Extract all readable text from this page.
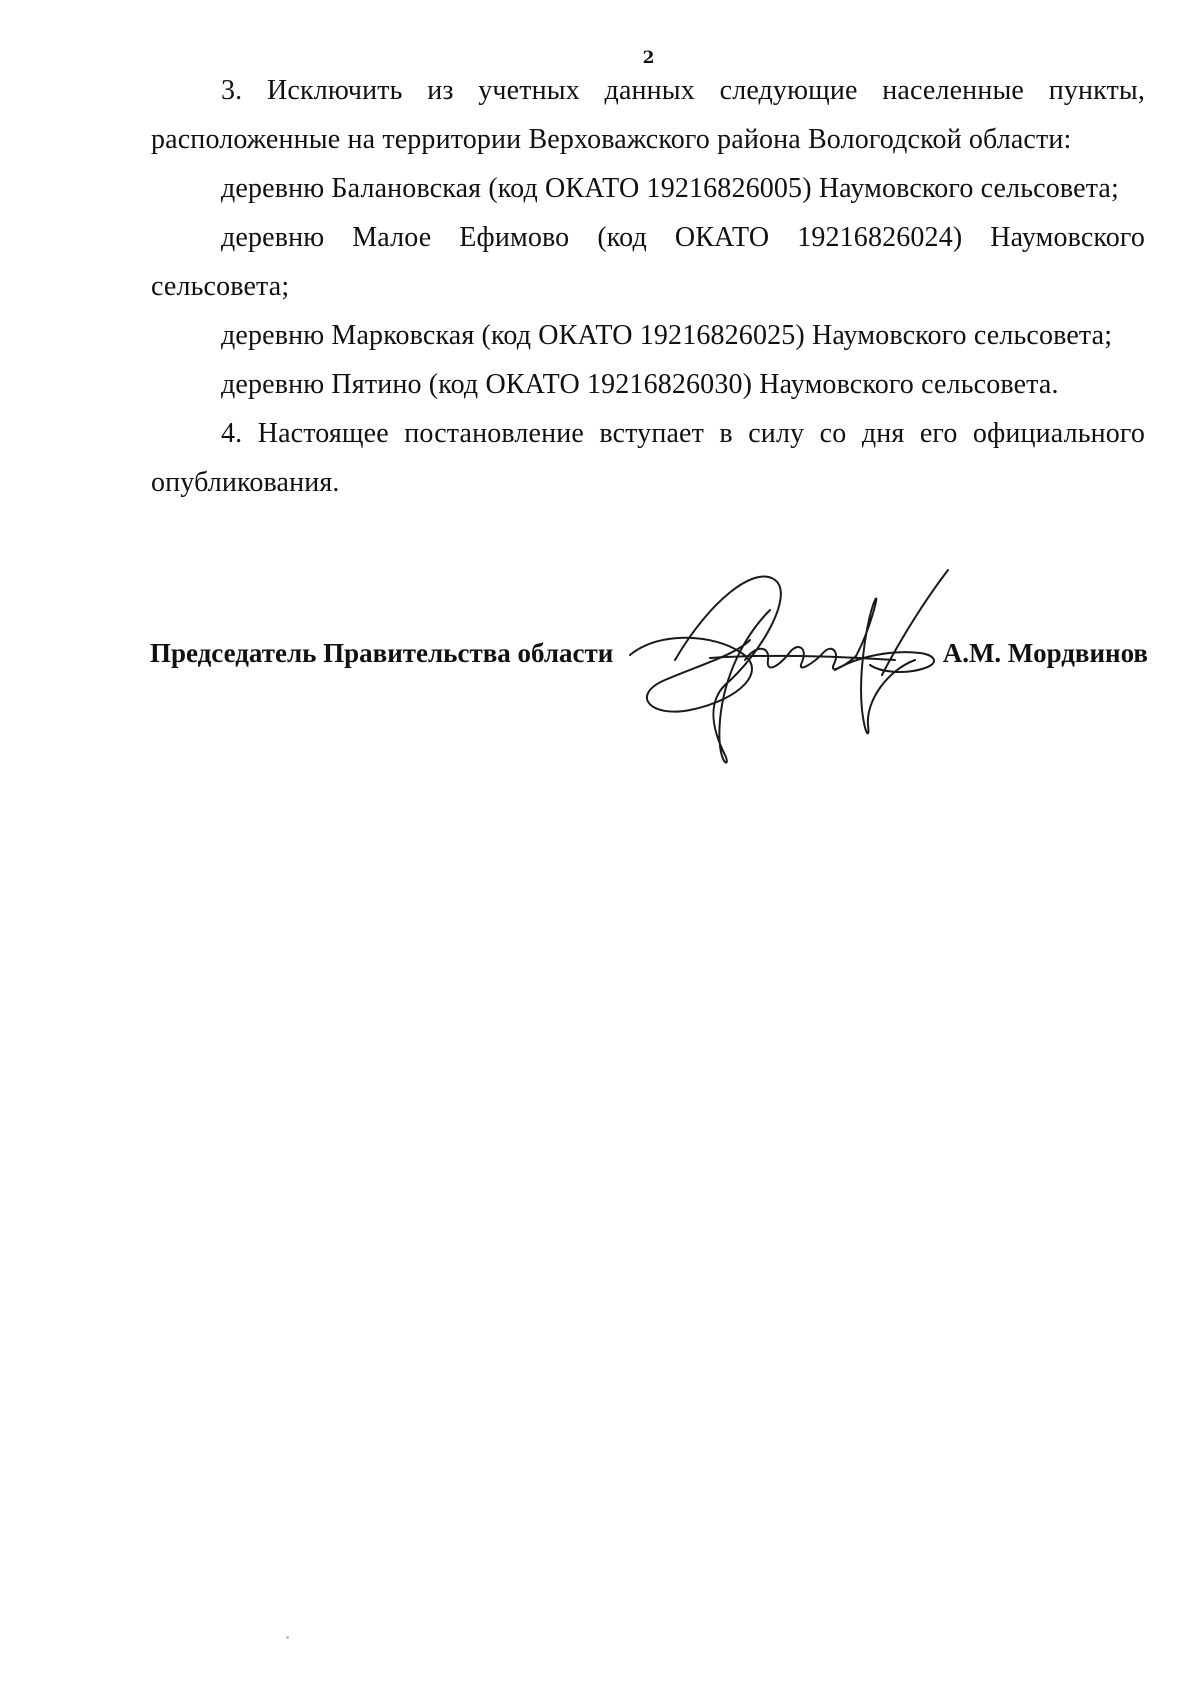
2

3. Исключить из учетных данных следующие населенные пункты, расположенные на территории Верховажского района Вологодской области:

деревню Балановская (код ОКАТО 19216826005) Наумовского сельсовета;

деревню Малое Ефимово (код ОКАТО 19216826024) Наумовского сельсовета;

деревню Марковская (код ОКАТО 19216826025) Наумовского сельсовета;

деревню Пятино (код ОКАТО 19216826030) Наумовского сельсовета.

4. Настоящее постановление вступает в силу со дня его официального опубликования.

Председатель Правительства области	А.М. Мордвинов
